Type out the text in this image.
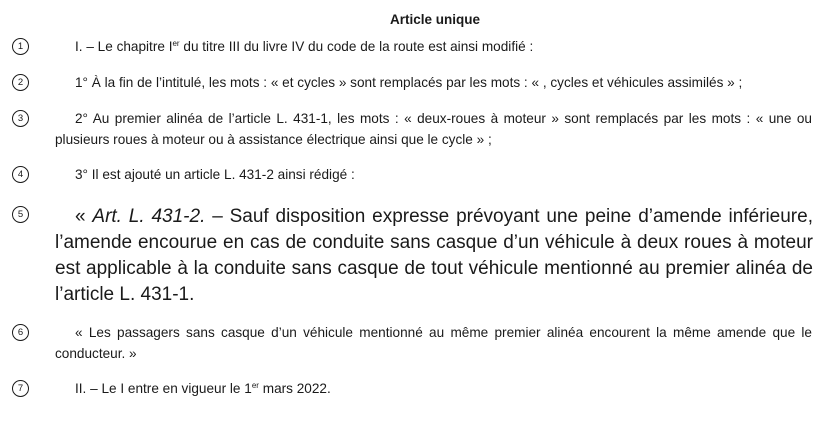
Article unique
1	I. – Le chapitre Ier du titre III du livre IV du code de la route est ainsi modifié :

2	1° À la fin de l’intitulé, les mots : « et cycles » sont remplacés par les mots : « , cycles et véhicules assimilés » ;

3	2° Au premier alinéa de l’article L. 431-1, les mots : « deux-roues à moteur » sont remplacés par les mots : « une ou plusieurs roues à moteur ou à assistance électrique ainsi que le cycle » ;

4	3° Il est ajouté un article L. 431-2 ainsi rédigé :

5	« Art. L. 431-2. – Sauf disposition expresse prévoyant une peine d’amende inférieure, l’amende encourue en cas de conduite sans casque d’un véhicule à deux roues à moteur est applicable à la conduite sans casque de tout véhicule mentionné au premier alinéa de l’article L. 431-1.

6	« Les passagers sans casque d’un véhicule mentionné au même premier alinéa encourent la même amende que le conducteur. »

7	II. – Le I entre en vigueur le 1er mars 2022.
